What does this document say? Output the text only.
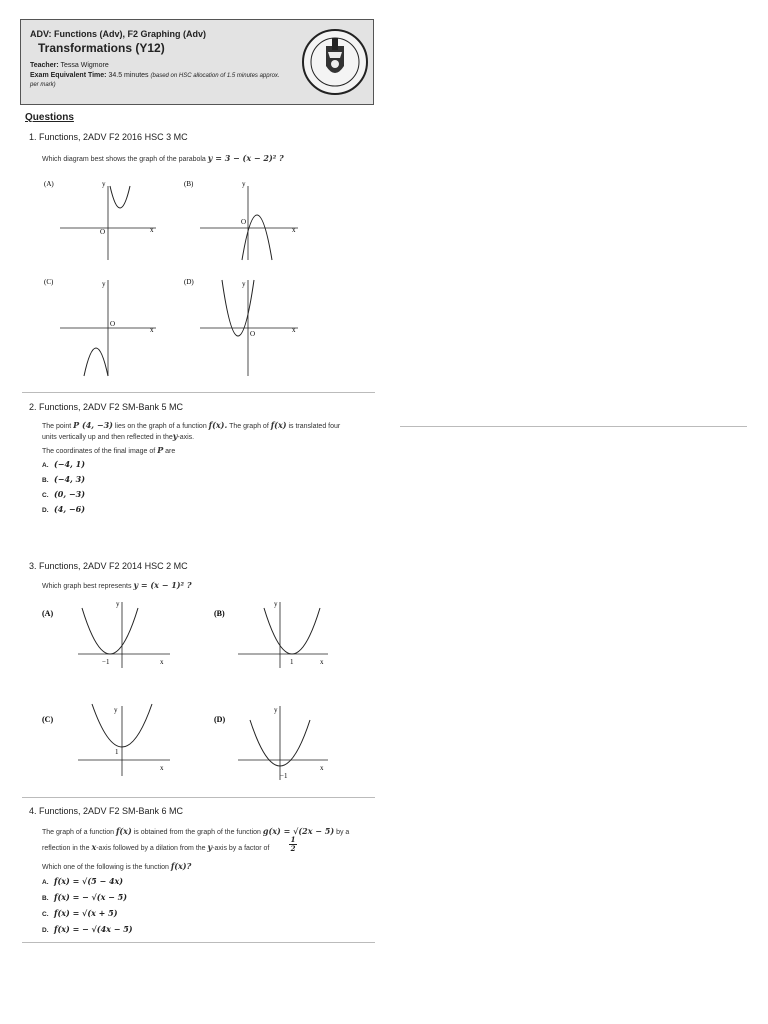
ADV: Functions (Adv), F2 Graphing (Adv)
Transformations (Y12)
Teacher: Tessa Wigmore
Exam Equivalent Time: 34.5 minutes (based on HSC allocation of 1.5 minutes approx.
per mark)
Questions
1. Functions, 2ADV F2 2016 HSC 3 MC
Which diagram best shows the graph of the parabola y = 3 − (x − 2)² ?
(A)	y
x
O
(B)	y
x
O
(C)	y
x
O
(D)	y
x
O
2. Functions, 2ADV F2 SM-Bank 5 MC
The point P (4, −3) lies on the graph of a function f(x). The graph of f(x) is translated four
units vertically up and then reflected in they-axis.
The coordinates of the final image of P are
A. (−4, 1)
B. (−4, 3)
C. (0, −3)
D. (4, −6)
3. Functions, 2ADV F2 2014 HSC 2 MC
Which graph best represents y = (x − 1)² ?
(A)
y
x
−1
(B)
y
x
1
(C)
y
x
1
(D)
y
x
−1
4. Functions, 2ADV F2 SM-Bank 6 MC
The graph of a function f(x) is obtained from the graph of the function g(x) = √(2x − 5) by a
reflection in the x-axis followed by a dilation from the y-axis by a factor of
1
2
Which one of the following is the function f(x)?
A. f(x) = √(5 − 4x)
B. f(x) = − √(x − 5)
C. f(x) = √(x + 5)
D. f(x) = − √(4x − 5)
